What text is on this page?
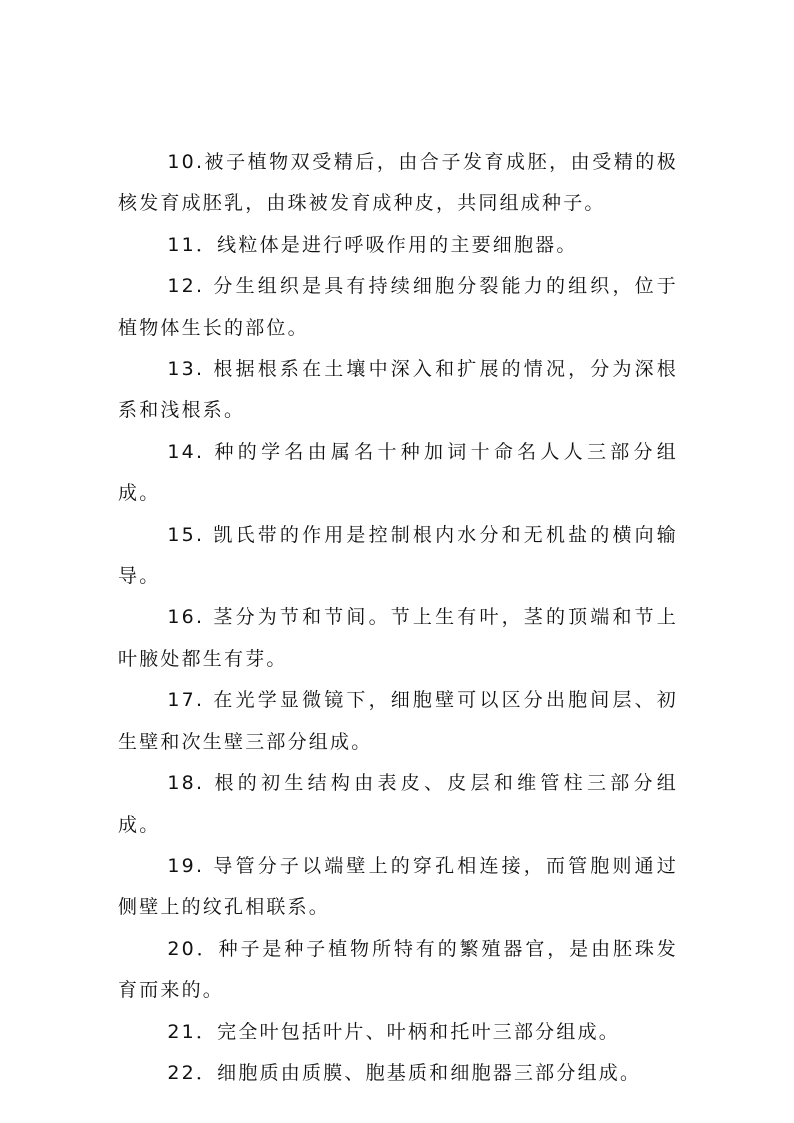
10.被子植物双受精后，由合子发育成胚，由受精的极核发育成胚乳，由珠被发育成种皮，共同组成种子。

11．线粒体是进行呼吸作用的主要细胞器。

12. 分生组织是具有持续细胞分裂能力的组织，位于植物体生长的部位。

13. 根据根系在土壤中深入和扩展的情况，分为深根系和浅根系。

14. 种的学名由属名十种加词十命名人人三部分组成。

15. 凯氏带的作用是控制根内水分和无机盐的横向输导。

16. 茎分为节和节间。节上生有叶，茎的顶端和节上叶腋处都生有芽。

17. 在光学显微镜下，细胞壁可以区分出胞间层、初生壁和次生壁三部分组成。

18. 根的初生结构由表皮、皮层和维管柱三部分组成。

19. 导管分子以端壁上的穿孔相连接，而管胞则通过侧壁上的纹孔相联系。

20．种子是种子植物所特有的繁殖器官，是由胚珠发育而来的。

21．完全叶包括叶片、叶柄和托叶三部分组成。

22．细胞质由质膜、胞基质和细胞器三部分组成。
